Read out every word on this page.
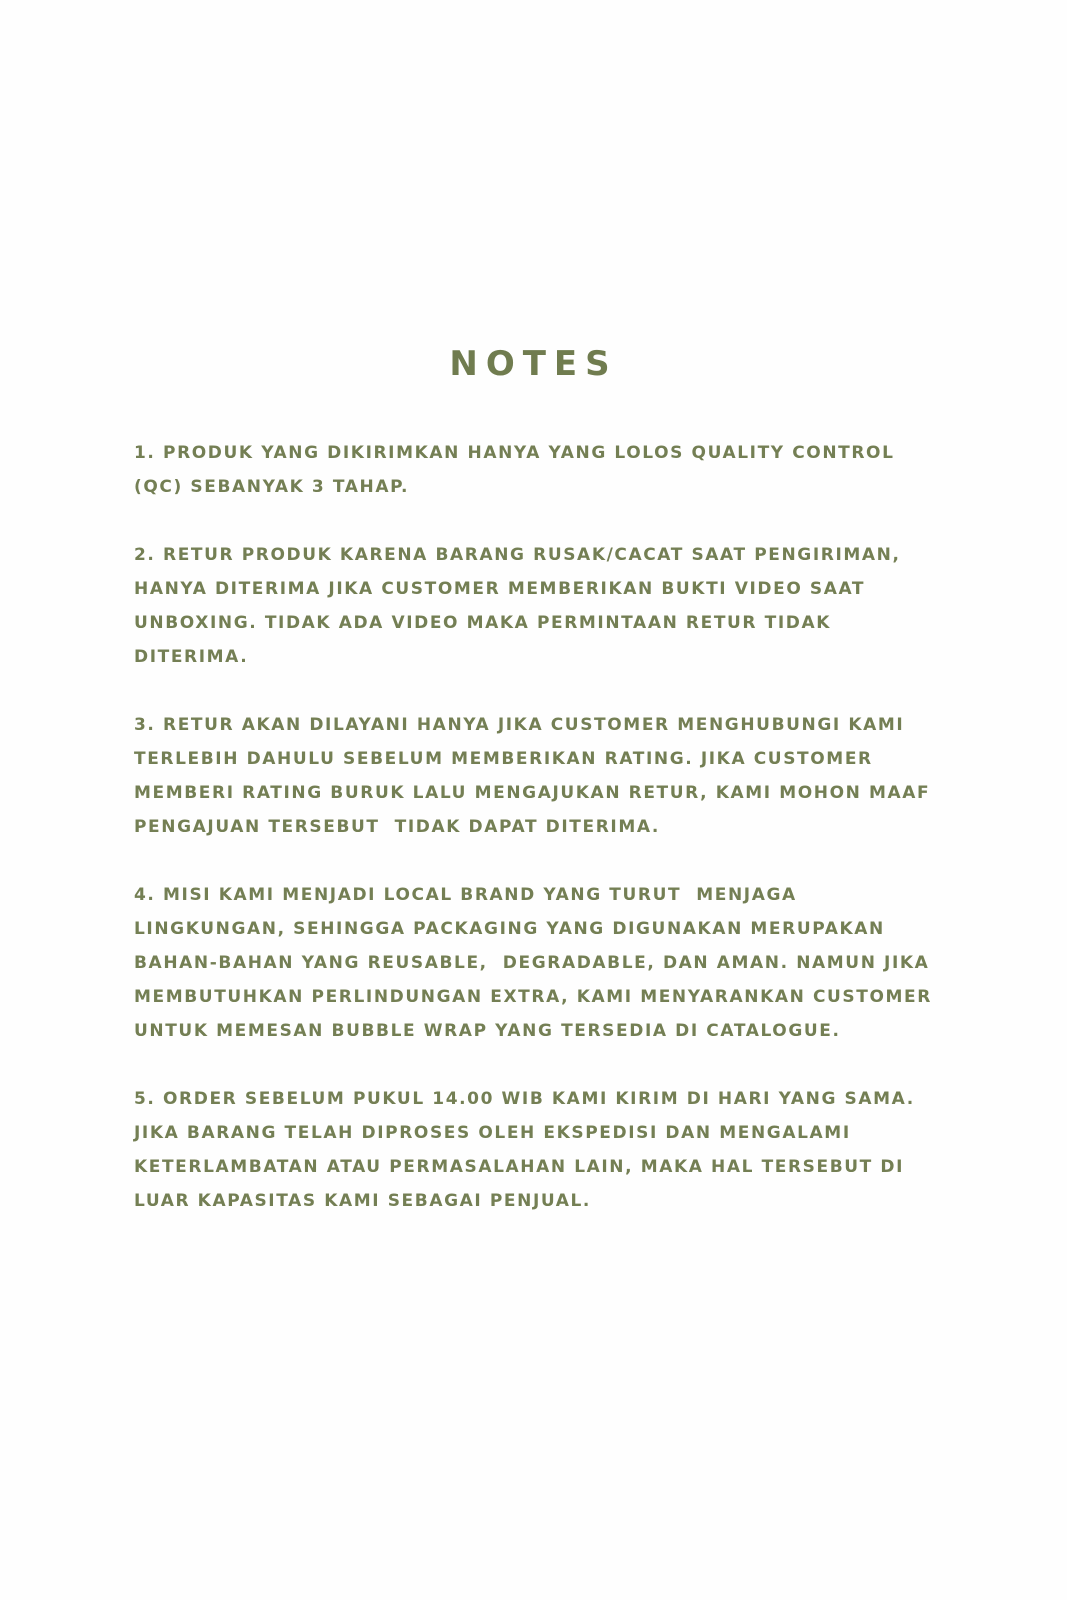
NOTES
1. PRODUK YANG DIKIRIMKAN HANYA YANG LOLOS QUALITY CONTROL
(QC) SEBANYAK 3 TAHAP.
2. RETUR PRODUK KARENA BARANG RUSAK/CACAT SAAT PENGIRIMAN,
HANYA DITERIMA JIKA CUSTOMER MEMBERIKAN BUKTI VIDEO SAAT
UNBOXING. TIDAK ADA VIDEO MAKA PERMINTAAN RETUR TIDAK
DITERIMA.
3. RETUR AKAN DILAYANI HANYA JIKA CUSTOMER MENGHUBUNGI KAMI
TERLEBIH DAHULU SEBELUM MEMBERIKAN RATING. JIKA CUSTOMER
MEMBERI RATING BURUK LALU MENGAJUKAN RETUR, KAMI MOHON MAAF
PENGAJUAN TERSEBUT  TIDAK DAPAT DITERIMA.
4. MISI KAMI MENJADI LOCAL BRAND YANG TURUT  MENJAGA
LINGKUNGAN, SEHINGGA PACKAGING YANG DIGUNAKAN MERUPAKAN
BAHAN-BAHAN YANG REUSABLE,  DEGRADABLE, DAN AMAN. NAMUN JIKA
MEMBUTUHKAN PERLINDUNGAN EXTRA, KAMI MENYARANKAN CUSTOMER
UNTUK MEMESAN BUBBLE WRAP YANG TERSEDIA DI CATALOGUE.
5. ORDER SEBELUM PUKUL 14.00 WIB KAMI KIRIM DI HARI YANG SAMA.
JIKA BARANG TELAH DIPROSES OLEH EKSPEDISI DAN MENGALAMI
KETERLAMBATAN ATAU PERMASALAHAN LAIN, MAKA HAL TERSEBUT DI
LUAR KAPASITAS KAMI SEBAGAI PENJUAL.
